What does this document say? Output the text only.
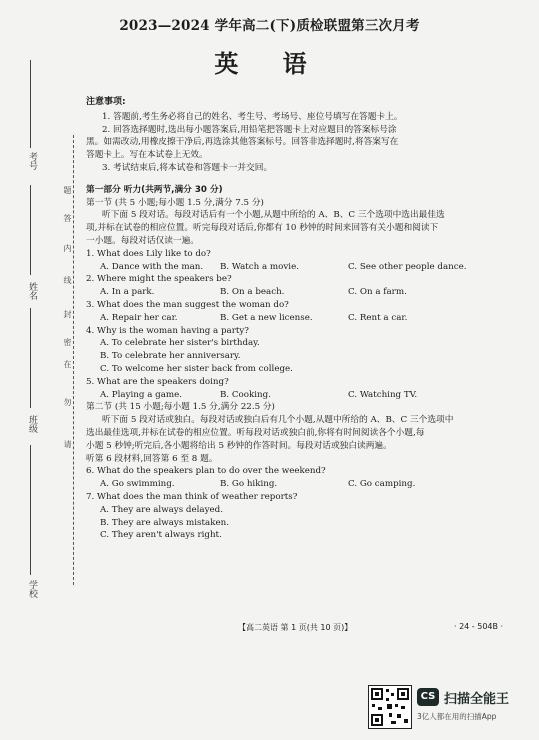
2023—2024 学年高二(下)质检联盟第三次月考
英 语
考号
姓名
班级
学校
请
勿
在
密
封
线
内
答
题
注意事项:
1. 答题前,考生务必将自己的姓名、考生号、考场号、座位号填写在答题卡上。
2. 回答选择题时,选出每小题答案后,用铅笔把答题卡上对应题目的答案标号涂
黑。如需改动,用橡皮擦干净后,再选涂其他答案标号。回答非选择题时,将答案写在
答题卡上。写在本试卷上无效。
3. 考试结束后,将本试卷和答题卡一并交回。
第一部分 听力(共两节,满分 30 分)
第一节 (共 5 小题;每小题 1.5 分,满分 7.5 分)
听下面 5 段对话。每段对话后有一个小题,从题中所给的 A、B、C 三个选项中选出最佳选
项,并标在试卷的相应位置。听完每段对话后,你都有 10 秒钟的时间来回答有关小题和阅读下
一小题。每段对话仅读一遍。
1. What does Lily like to do?
A. Dance with the man.	B. Watch a movie.	C. See other people dance.
2. Where might the speakers be?
A. In a park.	B. On a beach.	C. On a farm.
3. What does the man suggest the woman do?
A. Repair her car.	B. Get a new license.	C. Rent a car.
4. Why is the woman having a party?
A. To celebrate her sister's birthday.
B. To celebrate her anniversary.
C. To welcome her sister back from college.
5. What are the speakers doing?
A. Playing a game.	B. Cooking.	C. Watching TV.
第二节 (共 15 小题;每小题 1.5 分,满分 22.5 分)
听下面 5 段对话或独白。每段对话或独白后有几个小题,从题中所给的 A、B、C 三个选项中
选出最佳选项,并标在试卷的相应位置。听每段对话或独白前,你将有时间阅读各个小题,每
小题 5 秒钟;听完后,各小题将给出 5 秒钟的作答时间。每段对话或独白读两遍。
听第 6 段材料,回答第 6 至 8 题。
6. What do the speakers plan to do over the weekend?
A. Go swimming.	B. Go hiking.	C. Go camping.
7. What does the man think of weather reports?
A. They are always delayed.
B. They are always mistaken.
C. They aren't always right.
【高二英语 第 1 页(共 10 页)】	· 24 - 504B ·
CS 扫描全能王
3亿人都在用的扫描App
